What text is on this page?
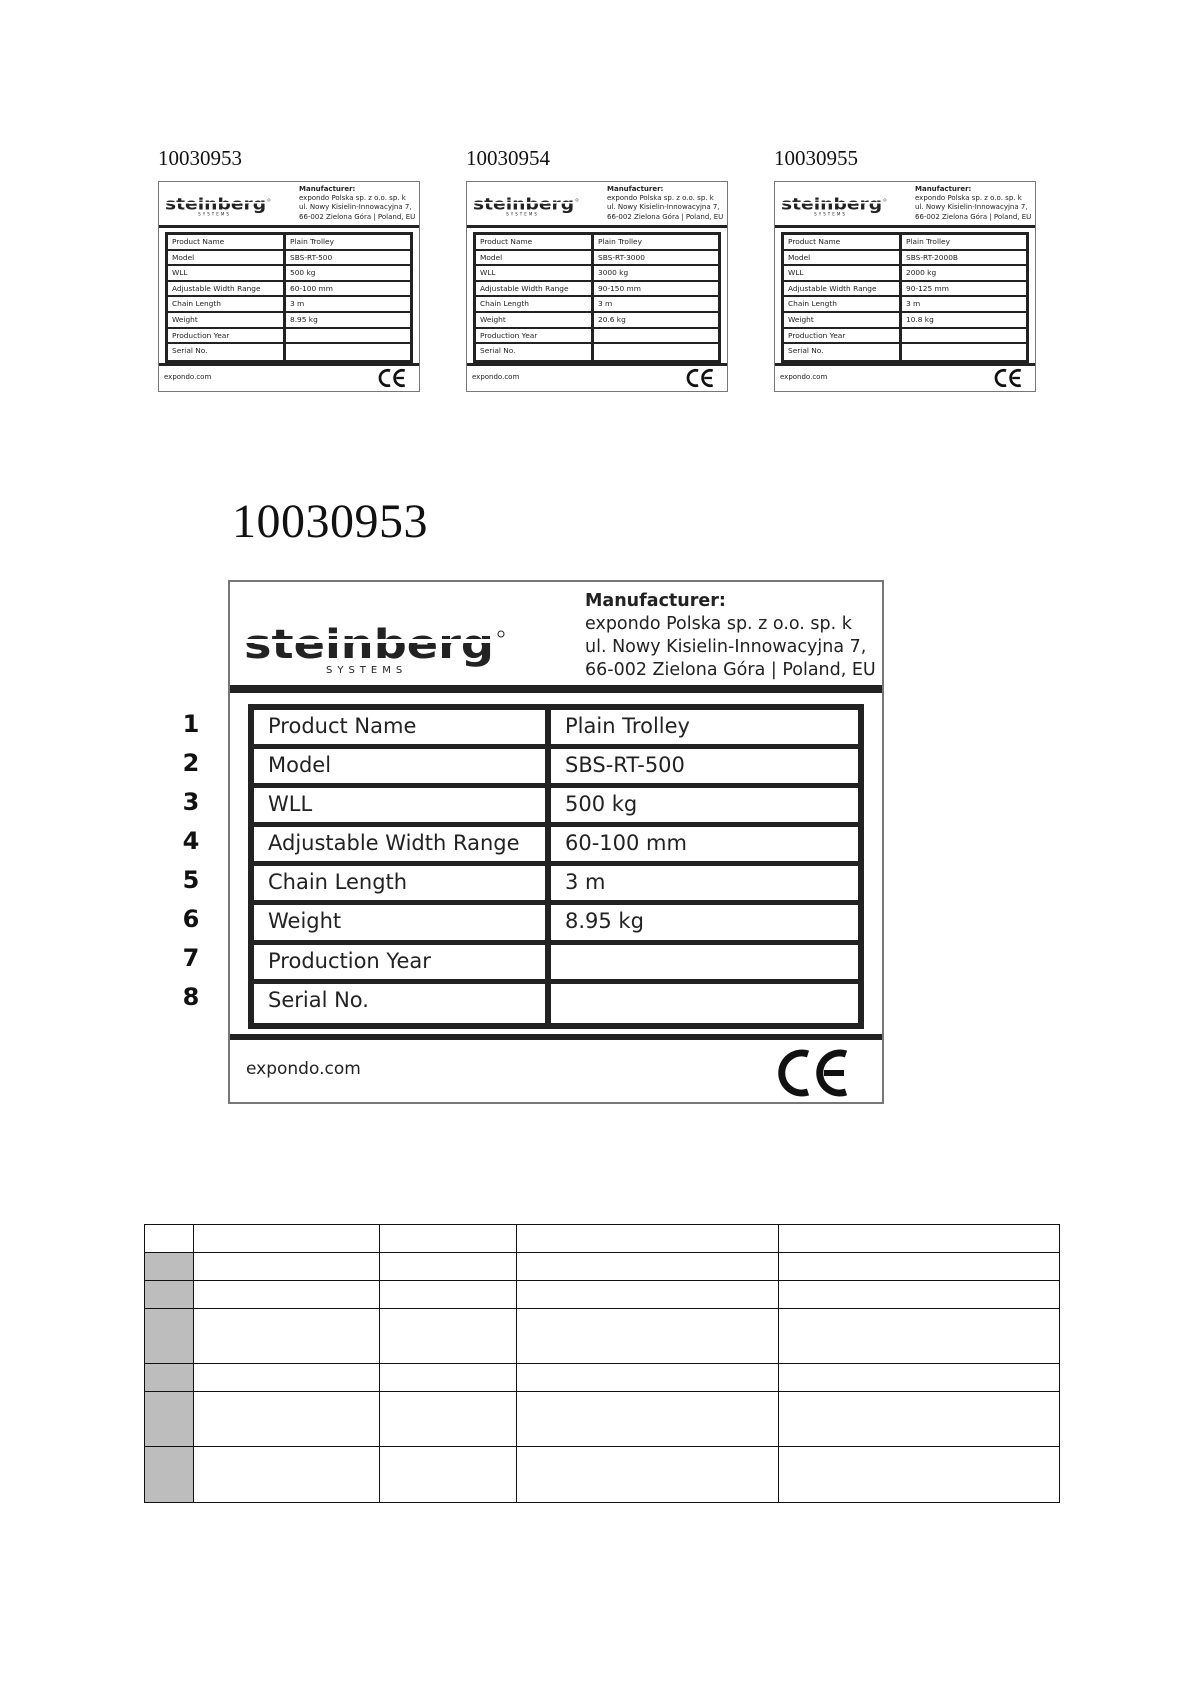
10030953	10030954	10030955
Manufacturer:
expondo Polska sp. z o.o. sp. k
ul. Nowy Kisielin-Innowacyjna 7,
66-002 Zielona Góra | Poland, EU
Product Name	Plain Trolley
Model	SBS-RT-500
WLL	500 kg
Adjustable Width Range	60-100 mm
Chain Length	3 m
Weight	8.95 kg
Production Year
Serial No.
expondo.com
Manufacturer:
expondo Polska sp. z o.o. sp. k
ul. Nowy Kisielin-Innowacyjna 7,
66-002 Zielona Góra | Poland, EU
Product Name	Plain Trolley
Model	SBS-RT-3000
WLL	3000 kg
Adjustable Width Range	90-150 mm
Chain Length	3 m
Weight	20.6 kg
Production Year
Serial No.
expondo.com
Manufacturer:
expondo Polska sp. z o.o. sp. k
ul. Nowy Kisielin-Innowacyjna 7,
66-002 Zielona Góra | Poland, EU
Product Name	Plain Trolley
Model	SBS-RT-2000B
WLL	2000 kg
Adjustable Width Range	90-125 mm
Chain Length	3 m
Weight	10.8 kg
Production Year
Serial No.
expondo.com
10030953
1
2
3
4
5
6
7
8
Manufacturer:
expondo Polska sp. z o.o. sp. k
ul. Nowy Kisielin-Innowacyjna 7,
66-002 Zielona Góra | Poland, EU
Product Name	Plain Trolley
Model	SBS-RT-500
WLL	500 kg
Adjustable Width Range	60-100 mm
Chain Length	3 m
Weight	8.95 kg
Production Year
Serial No.
expondo.com
